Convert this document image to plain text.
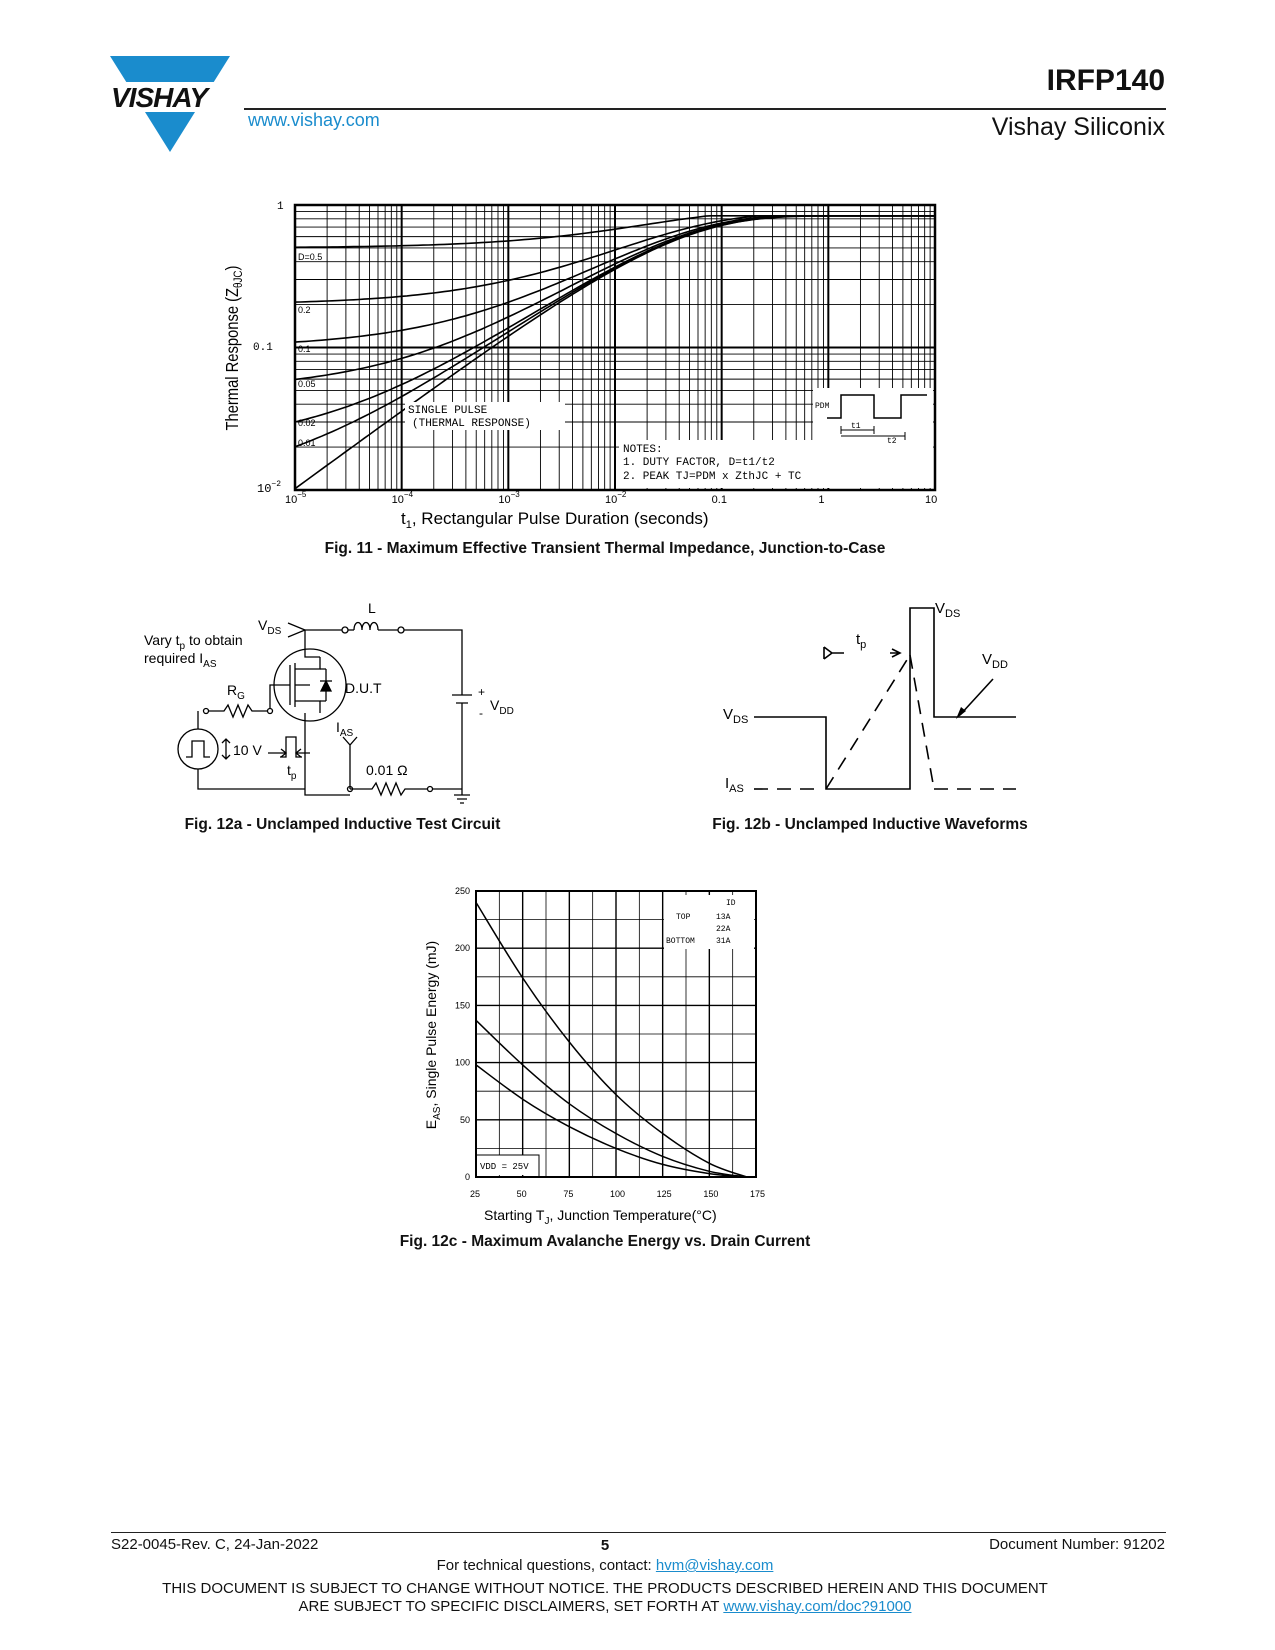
VISHAY
www.vishay.com
IRFP140
Vishay Siliconix
D=0.5
0.2
0.1
0.05
0.02
0.01
SINGLE PULSE
(THERMAL RESPONSE)
NOTES:
1. DUTY FACTOR, D=t1/t2
2. PEAK TJ=PDM x ZthJC + TC
PDM
t1
t2
1
0.1
$10^{-2}$
$10^{-5}$	$10^{-4}$	$10^{-3}$	$10^{-2}$	0.1	1	10
Thermal Response $(Z_{\theta JC})$
$t_1$, Rectangular Pulse Duration (seconds)
Fig. 11 - Maximum Effective Transient Thermal Impedance, Junction-to-Case
Vary $t_p$ to obtain
required $I_{AS}$
$V_{DS}$
L
D.U.T
$R_G$
$I_{AS}$
+
- $V_{DD}$
10 V
$t_p$	0.01 Ω
Fig. 12a - Unclamped Inductive Test Circuit
$V_{DS}$
$V_{DD}$
$V_{DS}$
$I_{AS}$
$t_p$
Fig. 12b - Unclamped Inductive Waveforms
ID
TOP	13A
22A
BOTTOM	31A
VDD = 25V
25	50	75	100	125	150	175
0
50
100
150
200
250
$E_{AS}$, Single Pulse Energy (mJ)
Starting $T_J$, Junction Temperature(°C)
Fig. 12c - Maximum Avalanche Energy vs. Drain Current
S22-0045-Rev. C, 24-Jan-2022	5	Document Number: 91202
For technical questions, contact: hvm@vishay.com
THIS DOCUMENT IS SUBJECT TO CHANGE WITHOUT NOTICE. THE PRODUCTS DESCRIBED HEREIN AND THIS DOCUMENT
ARE SUBJECT TO SPECIFIC DISCLAIMERS, SET FORTH AT www.vishay.com/doc?91000
